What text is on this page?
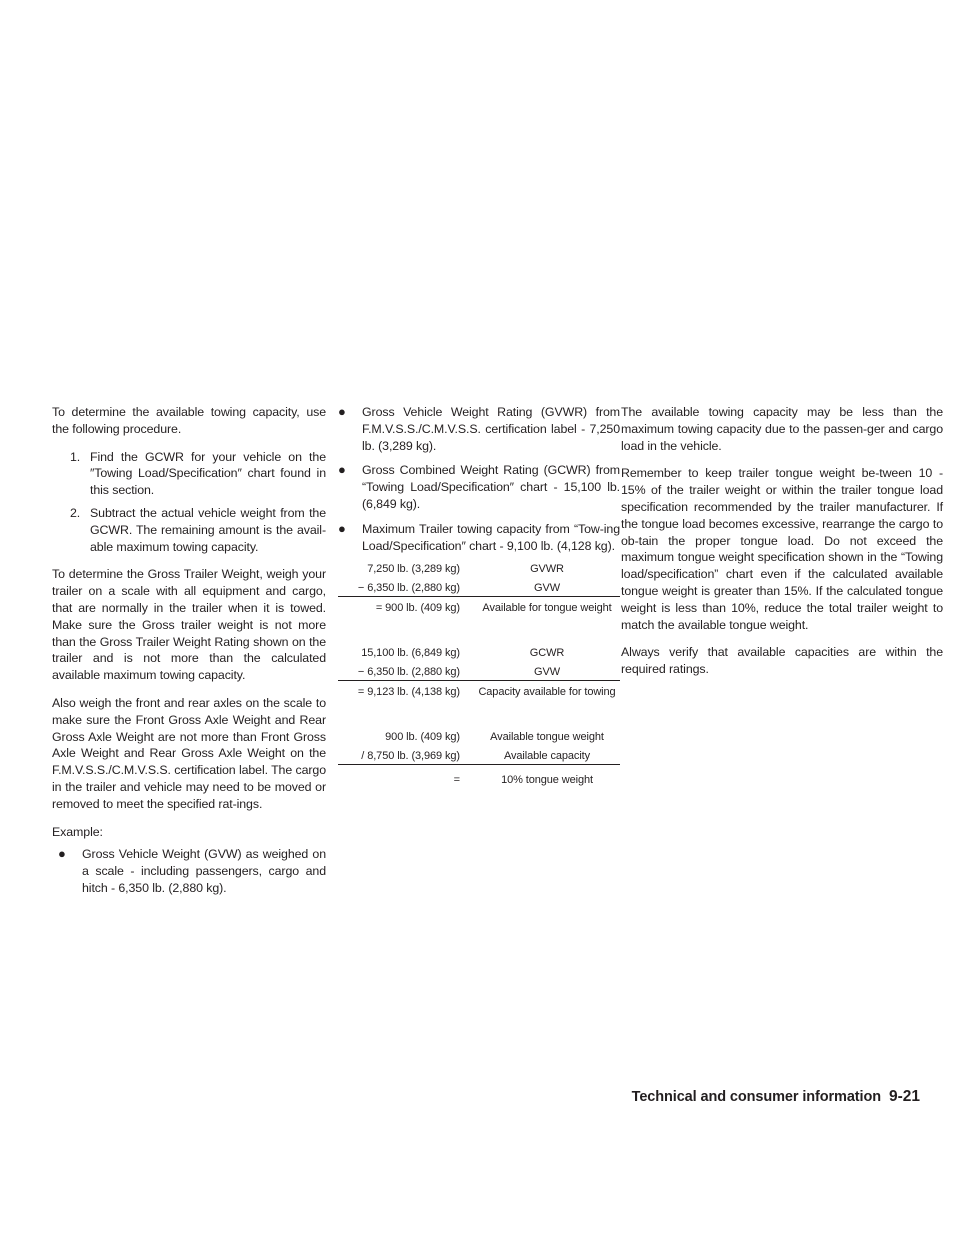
To determine the available towing capacity, use the following procedure.

1. Find the GCWR for your vehicle on the ″Towing Load/Specification″ chart found in this section.
2. Subtract the actual vehicle weight from the GCWR. The remaining amount is the avail-able maximum towing capacity.

To determine the Gross Trailer Weight, weigh your trailer on a scale with all equipment and cargo, that are normally in the trailer when it is towed. Make sure the Gross trailer weight is not more than the Gross Trailer Weight Rating shown on the trailer and is not more than the calculated available maximum towing capacity.

Also weigh the front and rear axles on the scale to make sure the Front Gross Axle Weight and Rear Gross Axle Weight are not more than Front Gross Axle Weight and Rear Gross Axle Weight on the F.M.V.S.S./C.M.V.S.S. certification label. The cargo in the trailer and vehicle may need to be moved or removed to meet the specified rat-ings.

Example:

● Gross Vehicle Weight (GVW) as weighed on a scale - including passengers, cargo and hitch - 6,350 lb. (2,880 kg).
● Gross Vehicle Weight Rating (GVWR) from F.M.V.S.S./C.M.V.S.S. certification label - 7,250 lb. (3,289 kg).
● Gross Combined Weight Rating (GCWR) from “Towing Load/Specification″ chart - 15,100 lb. (6,849 kg).
● Maximum Trailer towing capacity from “Tow-ing Load/Specification″ chart - 9,100 lb. (4,128 kg).
7,250 lb. (3,289 kg)	GVWR
− 6,350 lb. (2,880 kg)	GVW
= 900 lb. (409 kg)	Available for tongue weight
15,100 lb. (6,849 kg)	GCWR
− 6,350 lb. (2,880 kg)	GVW
= 9,123 lb. (4,138 kg)	Capacity available for towing
900 lb. (409 kg)	Available tongue weight
/ 8,750 lb. (3,969 kg)	Available capacity
=	10% tongue weight

The available towing capacity may be less than the maximum towing capacity due to the passen-ger and cargo load in the vehicle.

Remember to keep trailer tongue weight be-tween 10 - 15% of the trailer weight or within the trailer tongue load specification recommended by the trailer manufacturer. If the tongue load becomes excessive, rearrange the cargo to ob-tain the proper tongue load. Do not exceed the maximum tongue weight specification shown in the “Towing load/specification” chart even if the calculated available tongue weight is greater than 15%. If the calculated tongue weight is less than 10%, reduce the total trailer weight to match the available tongue weight.

Always verify that available capacities are within the required ratings.

Technical and consumer information 9-21
